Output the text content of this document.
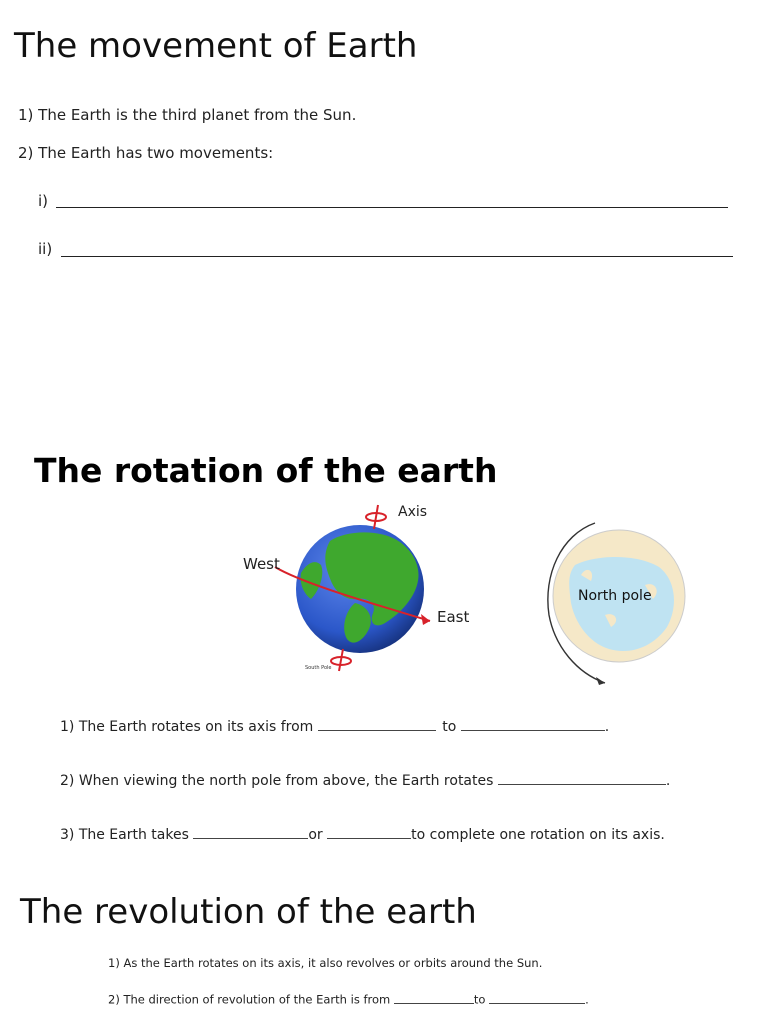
The movement of Earth
1) The Earth is the third planet from the Sun.
2) The Earth has two movements:
i)
ii)
The rotation of the earth
Axis
West
East
South Pole
North pole
1) The Earth rotates on its axis from	to	.
2) When viewing the north pole from above, the Earth rotates	.
3) The Earth takes	or	to complete one rotation on its axis.
The revolution of the earth
1) As the Earth rotates on its axis, it also revolves or orbits around the Sun.
2) The direction of revolution of the Earth is from	to	.
